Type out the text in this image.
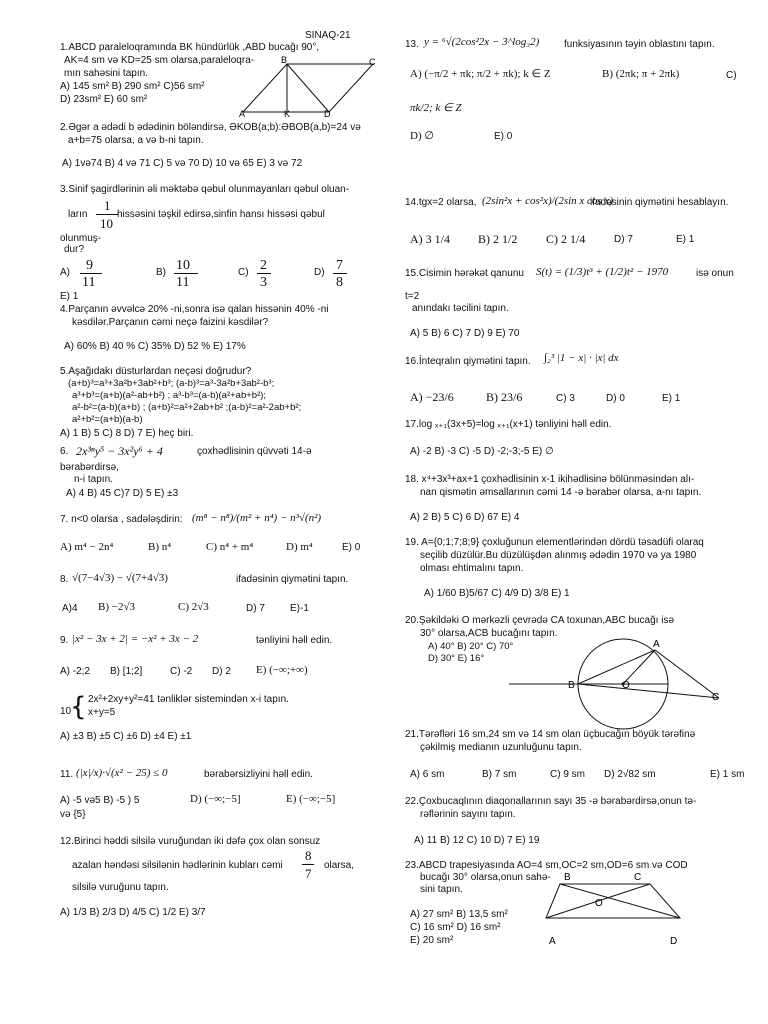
SINAQ-21
1.ABCD paraleloqramında BK hündürlük ,ABD bucağı 90°,
AK=4 sm və KD=25 sm olarsa,paraleloqra-
mın sahəsini tapın.
A) 145 sm² B) 290 sm² C)56 sm²
D) 23sm² E) 60 sm²
B	C
A	K	D
2.Əgər a ədədi b ədədinin böləndirsə, ƏKOB(a;b):ƏBOB(a,b)=24 və
a+b=75 olarsa, a və b-ni tapın.
A) 1və74 B) 4 və 71 C) 5 və 70 D) 10 və 65 E) 3 və 72
3.Sinif şagirdlərinin əli məktəbə qəbul olunmayanları qəbul oluan-
ların
1
10
hissəsini təşkil edirsə,sinfin hansı hissəsi qəbul
olunmuş-
dur?
A) 9
11
B) 10
11
C) 2
3
D) 7
8
E) 1
4.Parçanın əvvəlcə 20% -ni,sonra isə qalan hissənin 40% -ni
kəsdilər.Parçanın cəmi neçə faizini kəsdilər?
A) 60% B) 40 % C) 35% D) 52 % E) 17%
5.Aşağıdakı düsturlardan neçəsi doğrudur?
(a+b)³=a³+3a²b+3ab²+b³; (a-b)³=a³-3a²b+3ab²-b³;
a³+b³=(a+b)(a²-ab+b²) ; a³-b³=(a-b)(a²+ab+b²);
a²-b²=(a-b)(a+b) ; (a+b)²=a²+2ab+b² ;(a-b)²=a²-2ab+b²;
a²+b²=(a+b)(a-b)
A) 1 B) 5 C) 8 D) 7 E) heç biri.
6. 2x³ⁿy⁵ − 3x²y⁶ + 4	çoxhədlisinin qüvvəti 14-ə
bərabərdirsə,
n-i tapın.
A) 4 B) 45 C)7 D) 5 E) ±3
7. n<0 olarsa , sadələşdirin: (m⁸ − n⁸)/(m² + n⁴) − n³√(n²)
A) m⁴ − 2n⁴	B) n⁴	C) n⁴ + m⁴	D) m⁴	E) 0
8. √(7−4√3) − √(7+4√3)	ifadəsinin qiymətini tapın.
A)4 B) −2√3	C) 2√3	D) 7	E)-1
9. |x² − 3x + 2| = −x² + 3x − 2	tənliyini həll edin.
A) -2;2 B) [1;2]	C) -2 D) 2 E) (−∞;+∞)
10
{ 2x²+2xy+y²=41 tənliklər sistemindən x-i tapın.
x+y=5
A) ±3 B) ±5 C) ±6 D) ±4 E) ±1
11. (|x|/x)·√(x² − 25) ≤ 0	bərabərsizliyini həll edin.
A) -5 və5 B) -5 ) 5	D) (−∞;−5]	E) (−∞;−5]
və {5}
12.Birinci həddi silsilə vuruğundan iki dəfə çox olan sonsuz
azalan həndəsi silsilənin hədlərinin kubları cəmi
8
7
olarsa,
silsilə vuruğunu tapın.
A) 1/3 B) 2/3 D) 4/5 C) 1/2 E) 3/7
13. y = ⁶√(2cos²2x − 3^log₃2) funksiyasının təyin oblastını tapın.
A) (−π/2 + πk; π/2 + πk); k ∈ Z	B) (2πk; π + 2πk)	C)
πk/2; k ∈ Z
D) ∅	E) 0
14.tgx=2 olarsa, (2sin²x + cos²x)/(2sin x cos x)
ifadəsinin qiymətini hesablayın.
A) 3 1/4 B) 2 1/2 C) 2 1/4	D) 7	E) 1
15.Cisimin hərəkət qanunu S(t) = (1/3)t³ + (1/2)t² − 1970	isə onun
t=2
anındakı təcilini tapın.
A) 5 B) 6 C) 7 D) 9 E) 70
16.İnteqralın qiymətini tapın. ∫₂³ |1 − x| · |x| dx
A) −23/6	B) 23/6	C) 3	D) 0	E) 1
17.log ₓ₊₁(3x+5)=log ₓ₊₁(x+1) tənliyini həll edin.
A) -2 B) -3 C) -5 D) -2;-3;-5 E) ∅
18. x⁴+3x³+ax+1 çoxhədlisinin x-1 ikihədlisinə bölünməsindən alı-
nan qismətin əmsallarının cəmi 14 -ə bərabər olarsa, a-nı tapın.
A) 2 B) 5 C) 6 D) 67 E) 4
19. A={0;1;7;8;9} çoxluğunun elementlərindən dördü təsadüfi olaraq
seçilib düzülür.Bu düzülüşdən alınmış ədədin 1970 və ya 1980
olması ehtimalını tapın.
A) 1/60 B)5/67 C) 4/9 D) 3/8 E) 1
20.Şəkildəki O mərkəzli çevrədə CA toxunan,ABC bucağı isə
30° olarsa,ACB bucağını tapın.
A) 40° B) 20° C) 70°
D) 30° E) 16°
A
B	O
C
21.Tərəfləri 16 sm,24 sm və 14 sm olan üçbucağın böyük tərəfinə
çəkilmiş medianın uzunluğunu tapın.
A) 6 sm	B) 7 sm	C) 9 sm D) 2√82 sm	E) 1 sm
22.Çoxbucaqlının diaqonallarının sayı 35 -ə bərabərdirsə,onun tə-
rəflərinin sayını tapın.
A) 11 B) 12 C) 10 D) 7 E) 19
23.ABCD trapesiyasında AO=4 sm,OC=2 sm,OD=6 sm və COD
bucağı 30° olarsa,onun sahə-
sini tapın.
A) 27 sm² B) 13,5 sm²
C) 16 sm² D) 16 sm²
E) 20 sm²
B	C
O
A	D
